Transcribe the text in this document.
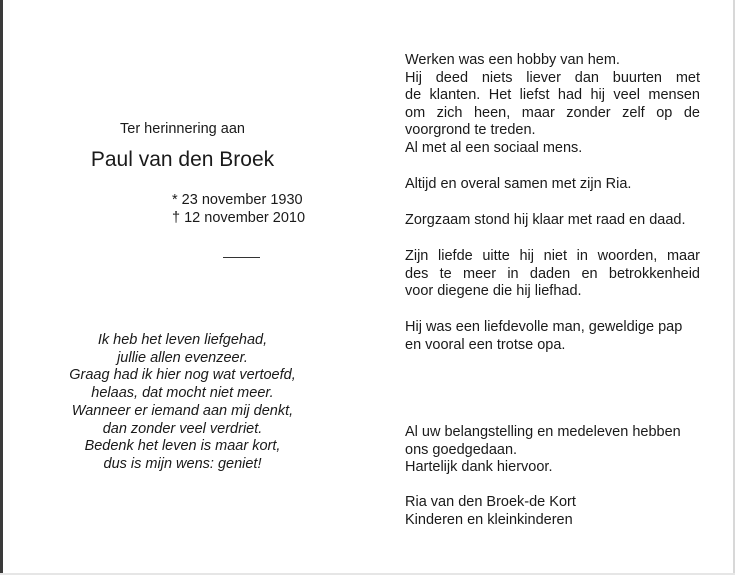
Ter herinnering aan
Paul van den Broek
* 23 november 1930
† 12 november 2010
Ik heb het leven liefgehad,
jullie allen evenzeer.
Graag had ik hier nog wat vertoefd,
helaas, dat mocht niet meer.
Wanneer er iemand aan mij denkt,
dan zonder veel verdriet.
Bedenk het leven is maar kort,
dus is mijn wens: geniet!
Werken was een hobby van hem.
Hij deed niets liever dan buurten met
de klanten. Het liefst had hij veel mensen
om zich heen, maar zonder zelf op de
voorgrond te treden.
Al met al een sociaal mens.
Altijd en overal samen met zijn Ria.
Zorgzaam stond hij klaar met raad en daad.
Zijn liefde uitte hij niet in woorden, maar
des te meer in daden en betrokkenheid
voor diegene die hij liefhad.
Hij was een liefdevolle man, geweldige pap
en vooral een trotse opa.
Al uw belangstelling en medeleven hebben
ons goedgedaan.
Hartelijk dank hiervoor.
Ria van den Broek-de Kort
Kinderen en kleinkinderen
